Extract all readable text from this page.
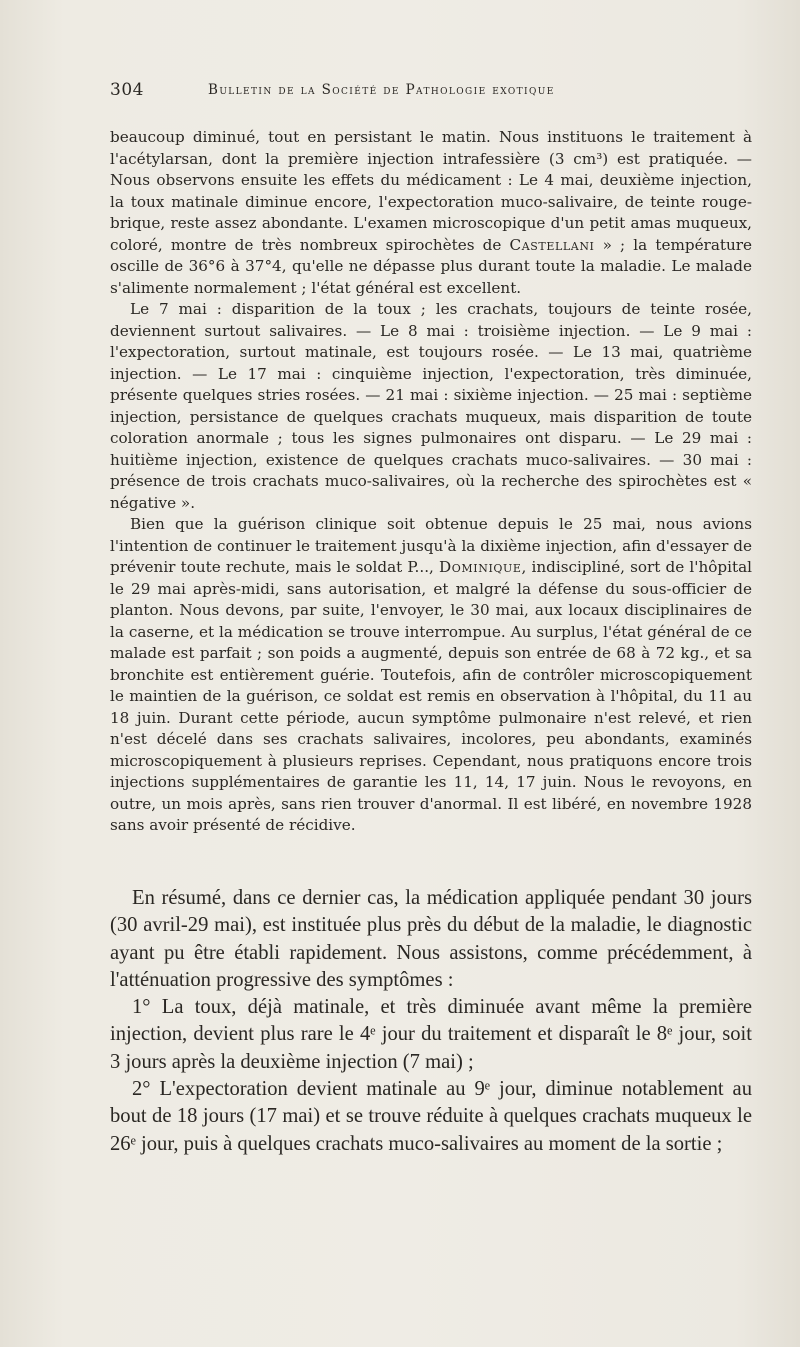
304	Bulletin de la Société de Pathologie exotique

beaucoup diminué, tout en persistant le matin. Nous instituons le traitement à l'acétylarsan, dont la première injection intrafessière (3 cm³) est pratiquée. — Nous observons ensuite les effets du médicament : Le 4 mai, deuxième injection, la toux matinale diminue encore, l'expectoration muco-salivaire, de teinte rouge-brique, reste assez abondante. L'examen microscopique d'un petit amas muqueux, coloré, montre de très nombreux spirochètes de Castellani » ; la température oscille de 36°6 à 37°4, qu'elle ne dépasse plus durant toute la maladie. Le malade s'alimente normalement ; l'état général est excellent.

Le 7 mai : disparition de la toux ; les crachats, toujours de teinte rosée, deviennent surtout salivaires. — Le 8 mai : troisième injection. — Le 9 mai : l'expectoration, surtout matinale, est toujours rosée. — Le 13 mai, quatrième injection. — Le 17 mai : cinquième injection, l'expectoration, très diminuée, présente quelques stries rosées. — 21 mai : sixième injection. — 25 mai : septième injection, persistance de quelques crachats muqueux, mais disparition de toute coloration anormale ; tous les signes pulmonaires ont disparu. — Le 29 mai : huitième injection, existence de quelques crachats muco-salivaires. — 30 mai : présence de trois crachats muco-salivaires, où la recherche des spirochètes est « négative ».

Bien que la guérison clinique soit obtenue depuis le 25 mai, nous avions l'intention de continuer le traitement jusqu'à la dixième injection, afin d'essayer de prévenir toute rechute, mais le soldat P..., Dominique, indiscipliné, sort de l'hôpital le 29 mai après-midi, sans autorisation, et malgré la défense du sous-officier de planton. Nous devons, par suite, l'envoyer, le 30 mai, aux locaux disciplinaires de la caserne, et la médication se trouve interrompue. Au surplus, l'état général de ce malade est parfait ; son poids a augmenté, depuis son entrée de 68 à 72 kg., et sa bronchite est entièrement guérie. Toutefois, afin de contrôler microscopiquement le maintien de la guérison, ce soldat est remis en observation à l'hôpital, du 11 au 18 juin. Durant cette période, aucun symptôme pulmonaire n'est relevé, et rien n'est décelé dans ses crachats salivaires, incolores, peu abondants, examinés microscopiquement à plusieurs reprises. Cependant, nous pratiquons encore trois injections supplémentaires de garantie les 11, 14, 17 juin. Nous le revoyons, en outre, un mois après, sans rien trouver d'anormal. Il est libéré, en novembre 1928 sans avoir présenté de récidive.

En résumé, dans ce dernier cas, la médication appliquée pendant 30 jours (30 avril-29 mai), est instituée plus près du début de la maladie, le diagnostic ayant pu être établi rapidement. Nous assistons, comme précédemment, à l'atténuation progressive des symptômes :

1° La toux, déjà matinale, et très diminuée avant même la première injection, devient plus rare le 4ᵉ jour du traitement et disparaît le 8ᵉ jour, soit 3 jours après la deuxième injection (7 mai) ;

2° L'expectoration devient matinale au 9ᵉ jour, diminue notablement au bout de 18 jours (17 mai) et se trouve réduite à quelques crachats muqueux le 26ᵉ jour, puis à quelques crachats muco-salivaires au moment de la sortie ;
